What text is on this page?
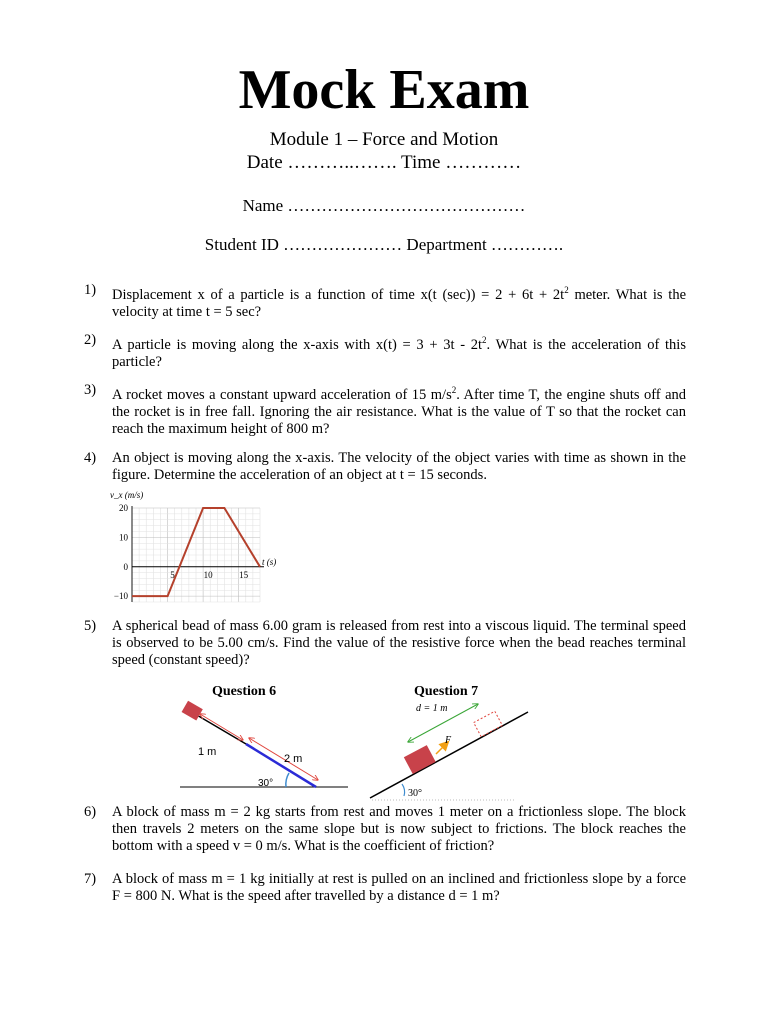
Mock Exam
Module 1 – Force and Motion
Date ………..……. Time …………
Name ……………………………………
Student ID ………………… Department ………….
1) Displacement x of a particle is a function of time x(t $(\sec)) = 2 + 6t + 2t^2$ meter. What is the velocity at time t = 5 sec?
2) A particle is moving along the x-axis with $x(t) = 3 + 3t - 2t^2$. What is the acceleration of this particle?
3) A rocket moves a constant upward acceleration of 15 $m/s^2$. After time T, the engine shuts off and the rocket is in free fall. Ignoring the air resistance. What is the value of T so that the rocket can reach the maximum height of 800 m?
4) An object is moving along the x-axis. The velocity of the object varies with time as shown in the figure. Determine the acceleration of an object at t = 15 seconds.
v_x (m/s)
t (s)
−10
0
10
20
5	10	15
5) A spherical bead of mass 6.00 gram is released from rest into a viscous liquid. The terminal speed is observed to be 5.00 cm/s. Find the value of the resistive force when the bead reaches terminal speed (constant speed)?
Question 6	Question 7
1 m
2 m
30°
F
d = 1 m
30°
6) A block of mass m = 2 kg starts from rest and moves 1 meter on a frictionless slope. The block then travels 2 meters on the same slope but is now subject to frictions. The block reaches the bottom with a speed v = 0 m/s. What is the coefficient of friction?
7) A block of mass m = 1 kg initially at rest is pulled on an inclined and frictionless slope by a force F = 800 N. What is the speed after travelled by a distance d = 1 m?
